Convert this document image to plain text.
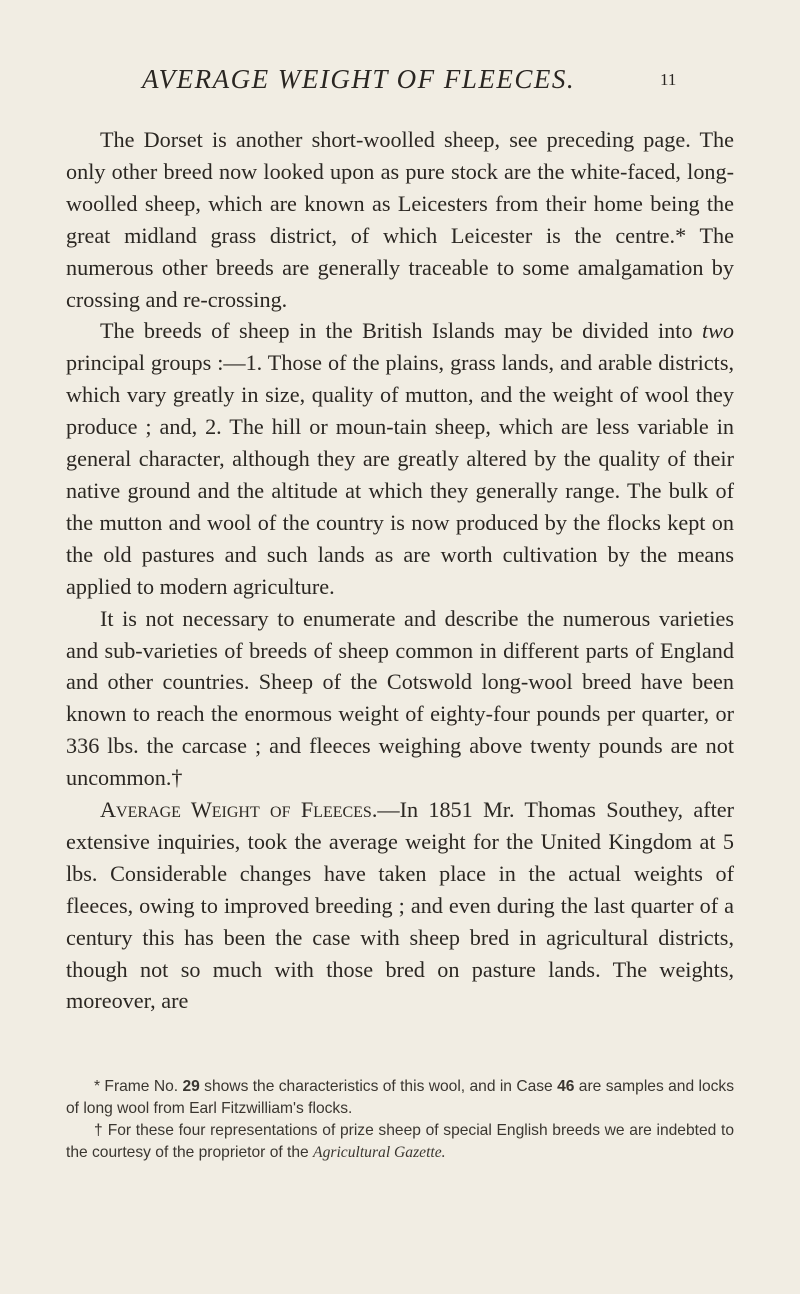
AVERAGE WEIGHT OF FLEECES.	11

The Dorset is another short-woolled sheep, see preceding page. The only other breed now looked upon as pure stock are the white-faced, long-woolled sheep, which are known as Leicesters from their home being the great midland grass district, of which Leicester is the centre.* The numerous other breeds are generally traceable to some amalgamation by crossing and re-crossing.

The breeds of sheep in the British Islands may be divided into two principal groups :—1. Those of the plains, grass lands, and arable districts, which vary greatly in size, quality of mutton, and the weight of wool they produce ; and, 2. The hill or moun-tain sheep, which are less variable in general character, although they are greatly altered by the quality of their native ground and the altitude at which they generally range. The bulk of the mutton and wool of the country is now produced by the flocks kept on the old pastures and such lands as are worth cultivation by the means applied to modern agriculture.

It is not necessary to enumerate and describe the numerous varieties and sub-varieties of breeds of sheep common in different parts of England and other countries. Sheep of the Cotswold long-wool breed have been known to reach the enormous weight of eighty-four pounds per quarter, or 336 lbs. the carcase ; and fleeces weighing above twenty pounds are not uncommon.†

Average Weight of Fleeces.—In 1851 Mr. Thomas Southey, after extensive inquiries, took the average weight for the United Kingdom at 5 lbs. Considerable changes have taken place in the actual weights of fleeces, owing to improved breeding ; and even during the last quarter of a century this has been the case with sheep bred in agricultural districts, though not so much with those bred on pasture lands. The weights, moreover, are

* Frame No. 29 shows the characteristics of this wool, and in Case 46 are samples and locks of long wool from Earl Fitzwilliam's flocks.

† For these four representations of prize sheep of special English breeds we are indebted to the courtesy of the proprietor of the Agricultural Gazette.
